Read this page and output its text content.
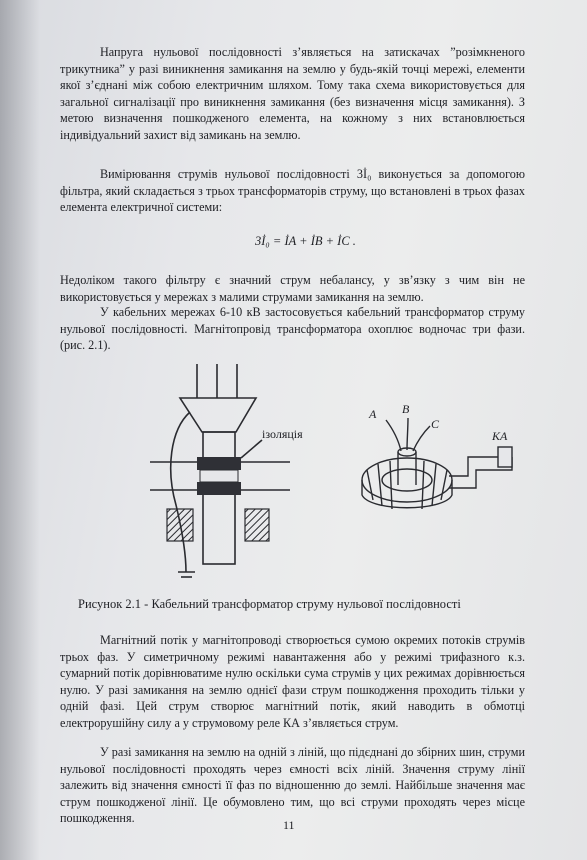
Напруга нульової послідовності з’являється на затискачах ”розімкненого трикутника” у разі виникнення замикання на землю у будь-якій точці мережі, елементи якої з’єднані між собою електричним шляхом. Тому така схема використовується для загальної сигналізації про виникнення замикання (без визначення місця замикання). З метою визначення пошкодженого елемента, на кожному з них встановлюється індивідуальний захист від замикань на землю.

Вимірювання струмів нульової послідовності 3İ₀ виконується за допомогою фільтра, який складається з трьох трансформаторів струму, що встановлені в трьох фазах елемента електричної системи:

3İ₀ = İA + İB + İC .

Недоліком такого фільтру є значний струм небалансу, у зв’язку з чим він не використовується у мережах з малими струмами замикання на землю.

У кабельних мережах 6-10 кВ застосовується кабельний трансформатор струму нульової послідовності. Магнітопровід трансформатора охоплює водночас три фази. (рис. 2.1).

ізоляція
A B
C
KA
Рисунок 2.1 - Кабельний трансформатор струму нульової послідовності

Магнітний потік у магнітопроводі створюється сумою окремих потоків струмів трьох фаз. У симетричному режимі навантаження або у режимі трифазного к.з. сумарний потік дорівнюватиме нулю оскільки сума струмів у цих режимах дорівнюється нулю. У разі замикання на землю однієї фази струм пошкодження проходить тільки у одній фазі. Цей струм створює магнітний потік, який наводить в обмотці електрорушійну силу а у струмовому реле КА з’являється струм.

У разі замикання на землю на одній з ліній, що підєднані до збірних шин, струми нульової послідовності проходять через ємності всіх ліній. Значення струму лінії залежить від значення ємності її фаз по відношенню до землі. Найбільше значення має струм пошкодженої лінії. Це обумовлено тим, що всі струми проходять через місце пошкодження.	11
